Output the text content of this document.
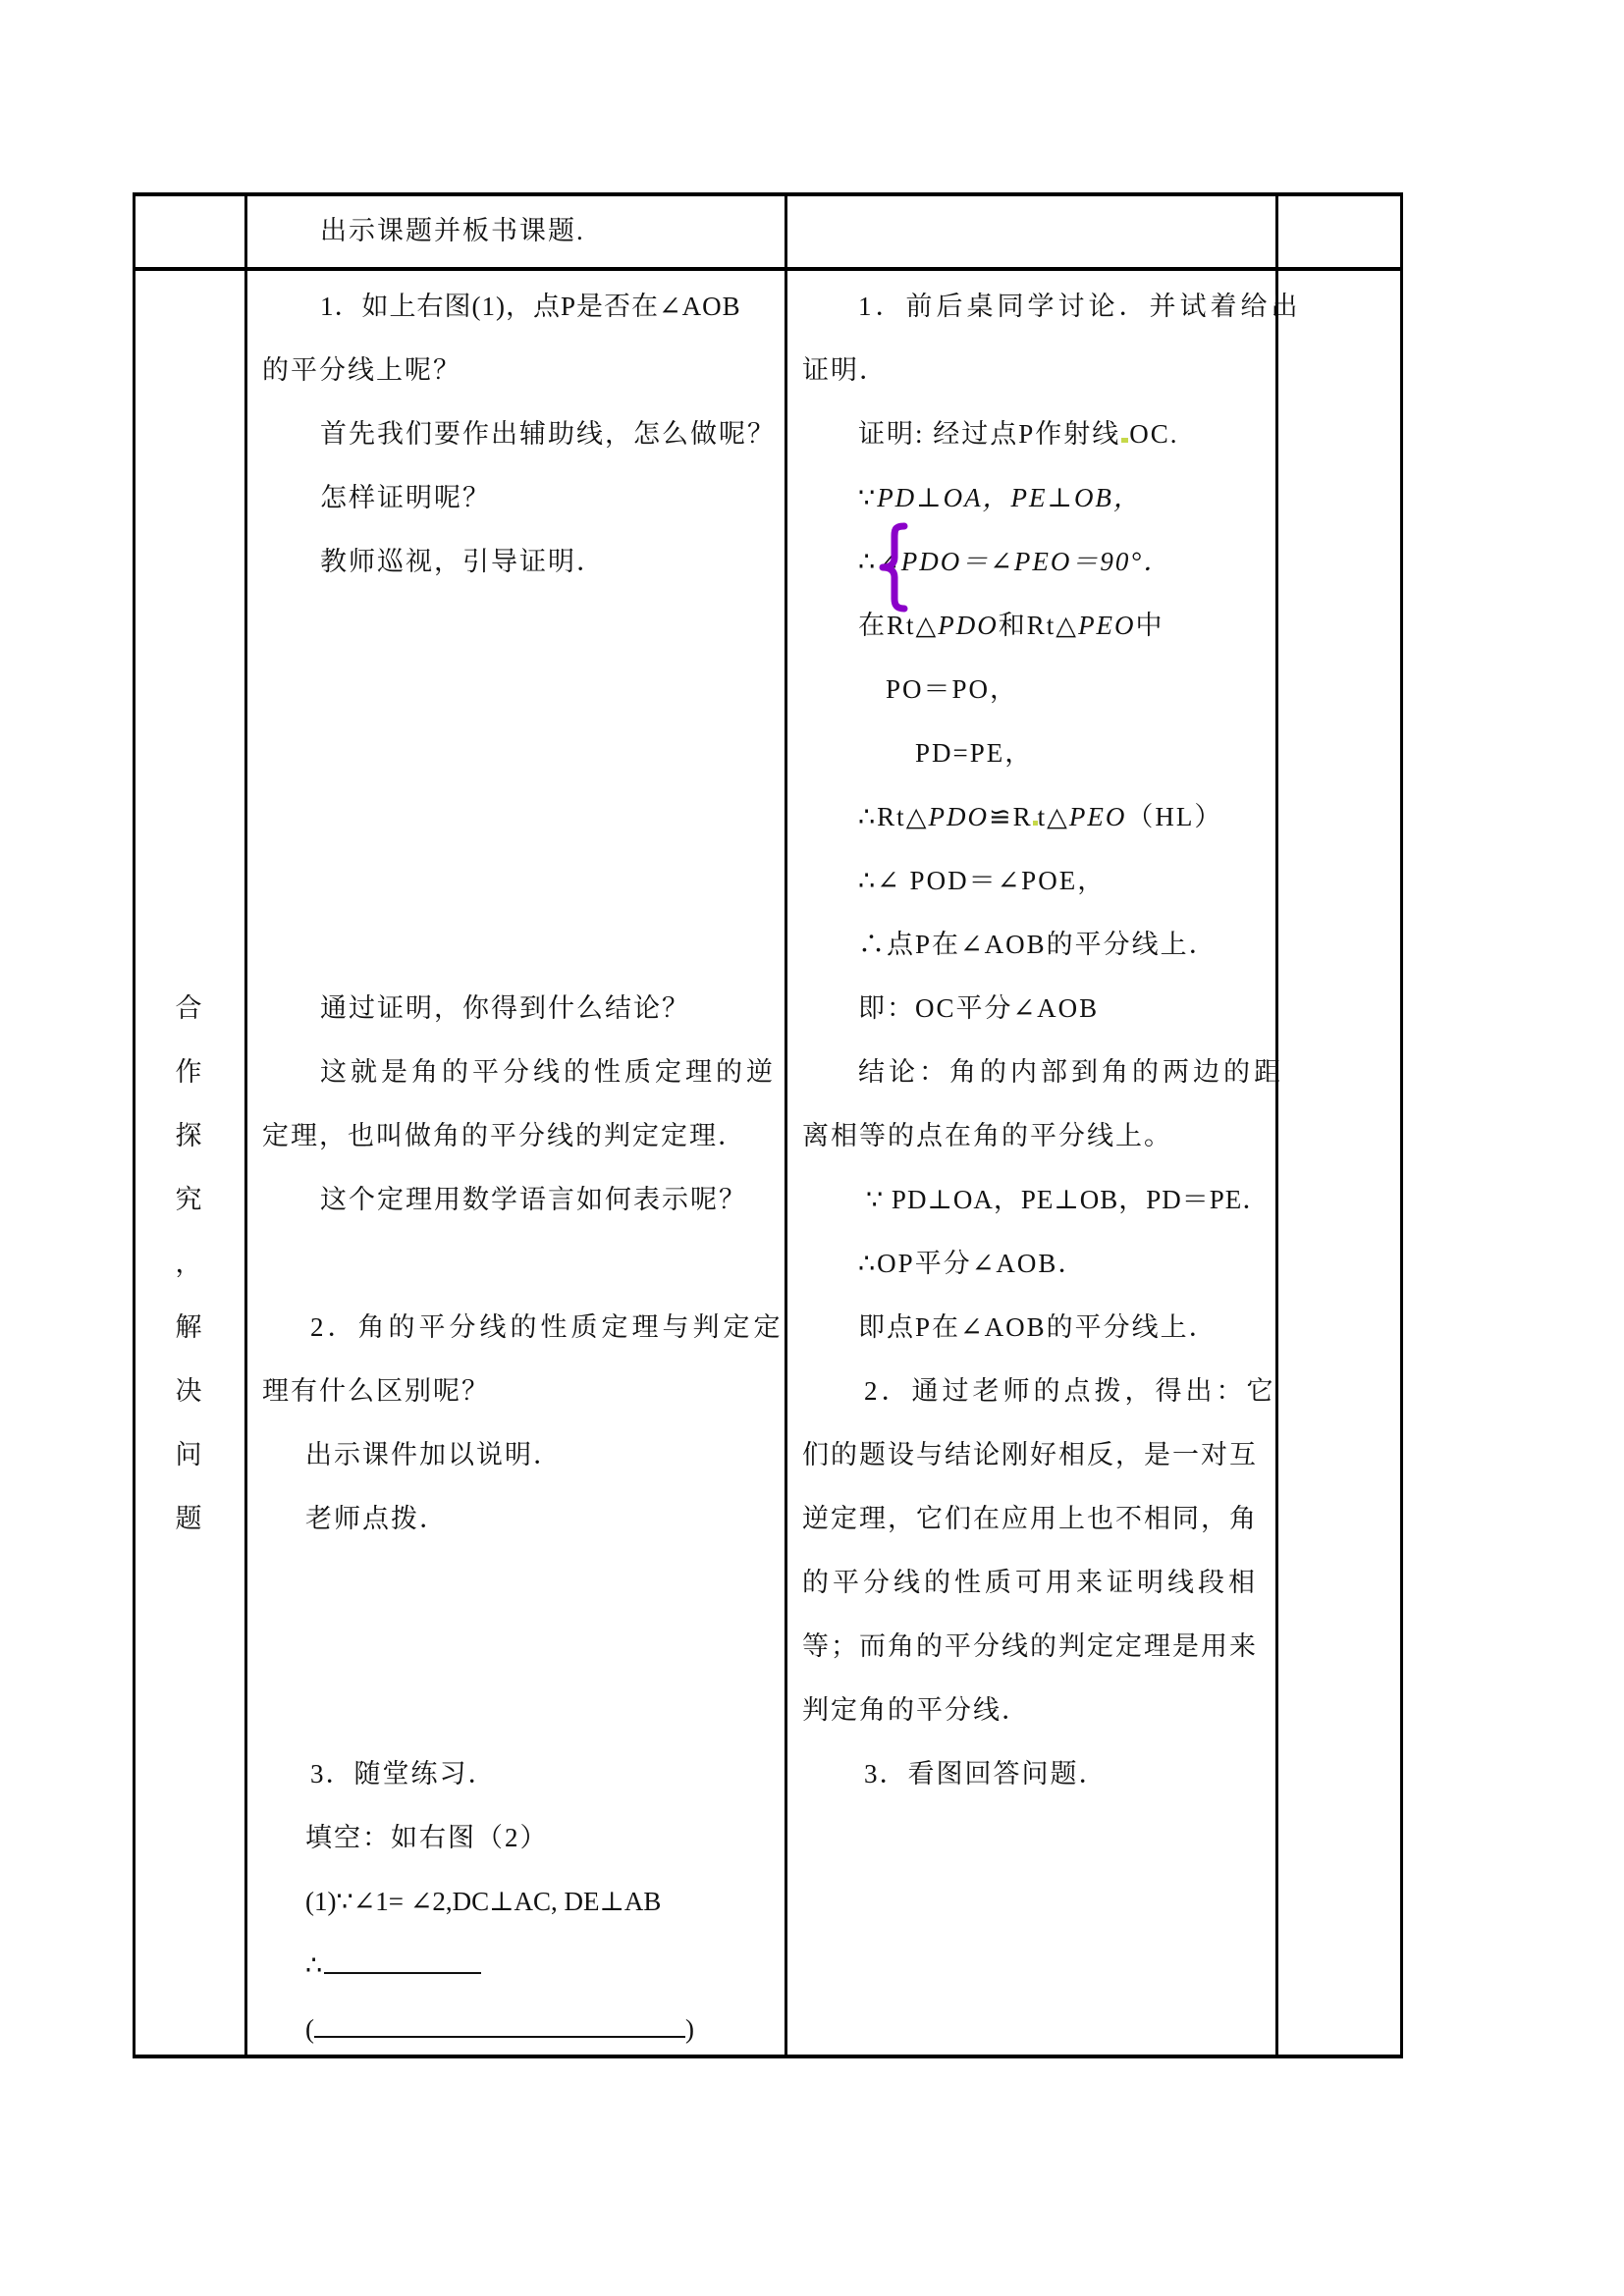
出示课题并板书课题.
合
作
探
究
，
解
决
问
题
1．如上右图(1)，点P是否在∠AOB
的平分线上呢？
首先我们要作出辅助线，怎么做呢？
怎样证明呢？
教师巡视，引导证明．
通过证明，你得到什么结论？
这就是角的平分线的性质定理的逆
定理，也叫做角的平分线的判定定理．
这个定理用数学语言如何表示呢？
2．角的平分线的性质定理与判定定
理有什么区别呢？
出示课件加以说明．
老师点拨．
3．随堂练习．
填空：如右图（2）
(1)∵∠1= ∠2,DC⊥AC, DE⊥AB
∴
(	)
1．前后桌同学讨论．并试着给出
证明．
证明: 经过点P作射线 OC.
∵PD⊥OA，PE⊥OB，
∴∠PDO＝∠PEO＝90°．
在Rt△PDO和Rt△PEO中
PO＝PO，
PD=PE，
∴Rt△PDO≌R t△PEO（HL）
∴∠ POD＝∠POE，
∴点P在∠AOB的平分线上．
即：OC平分∠AOB
结论：角的内部到角的两边的距
离相等的点在角的平分线上。
∵ PD⊥OA，PE⊥OB，PD＝PE．
∴OP平分∠AOB．
即点P在∠AOB的平分线上．
2．通过老师的点拨，得出：它
们的题设与结论刚好相反，是一对互
逆定理，它们在应用上也不相同，角
的平分线的性质可用来证明线段相
等；而角的平分线的判定定理是用来
判定角的平分线．
3．看图回答问题．
